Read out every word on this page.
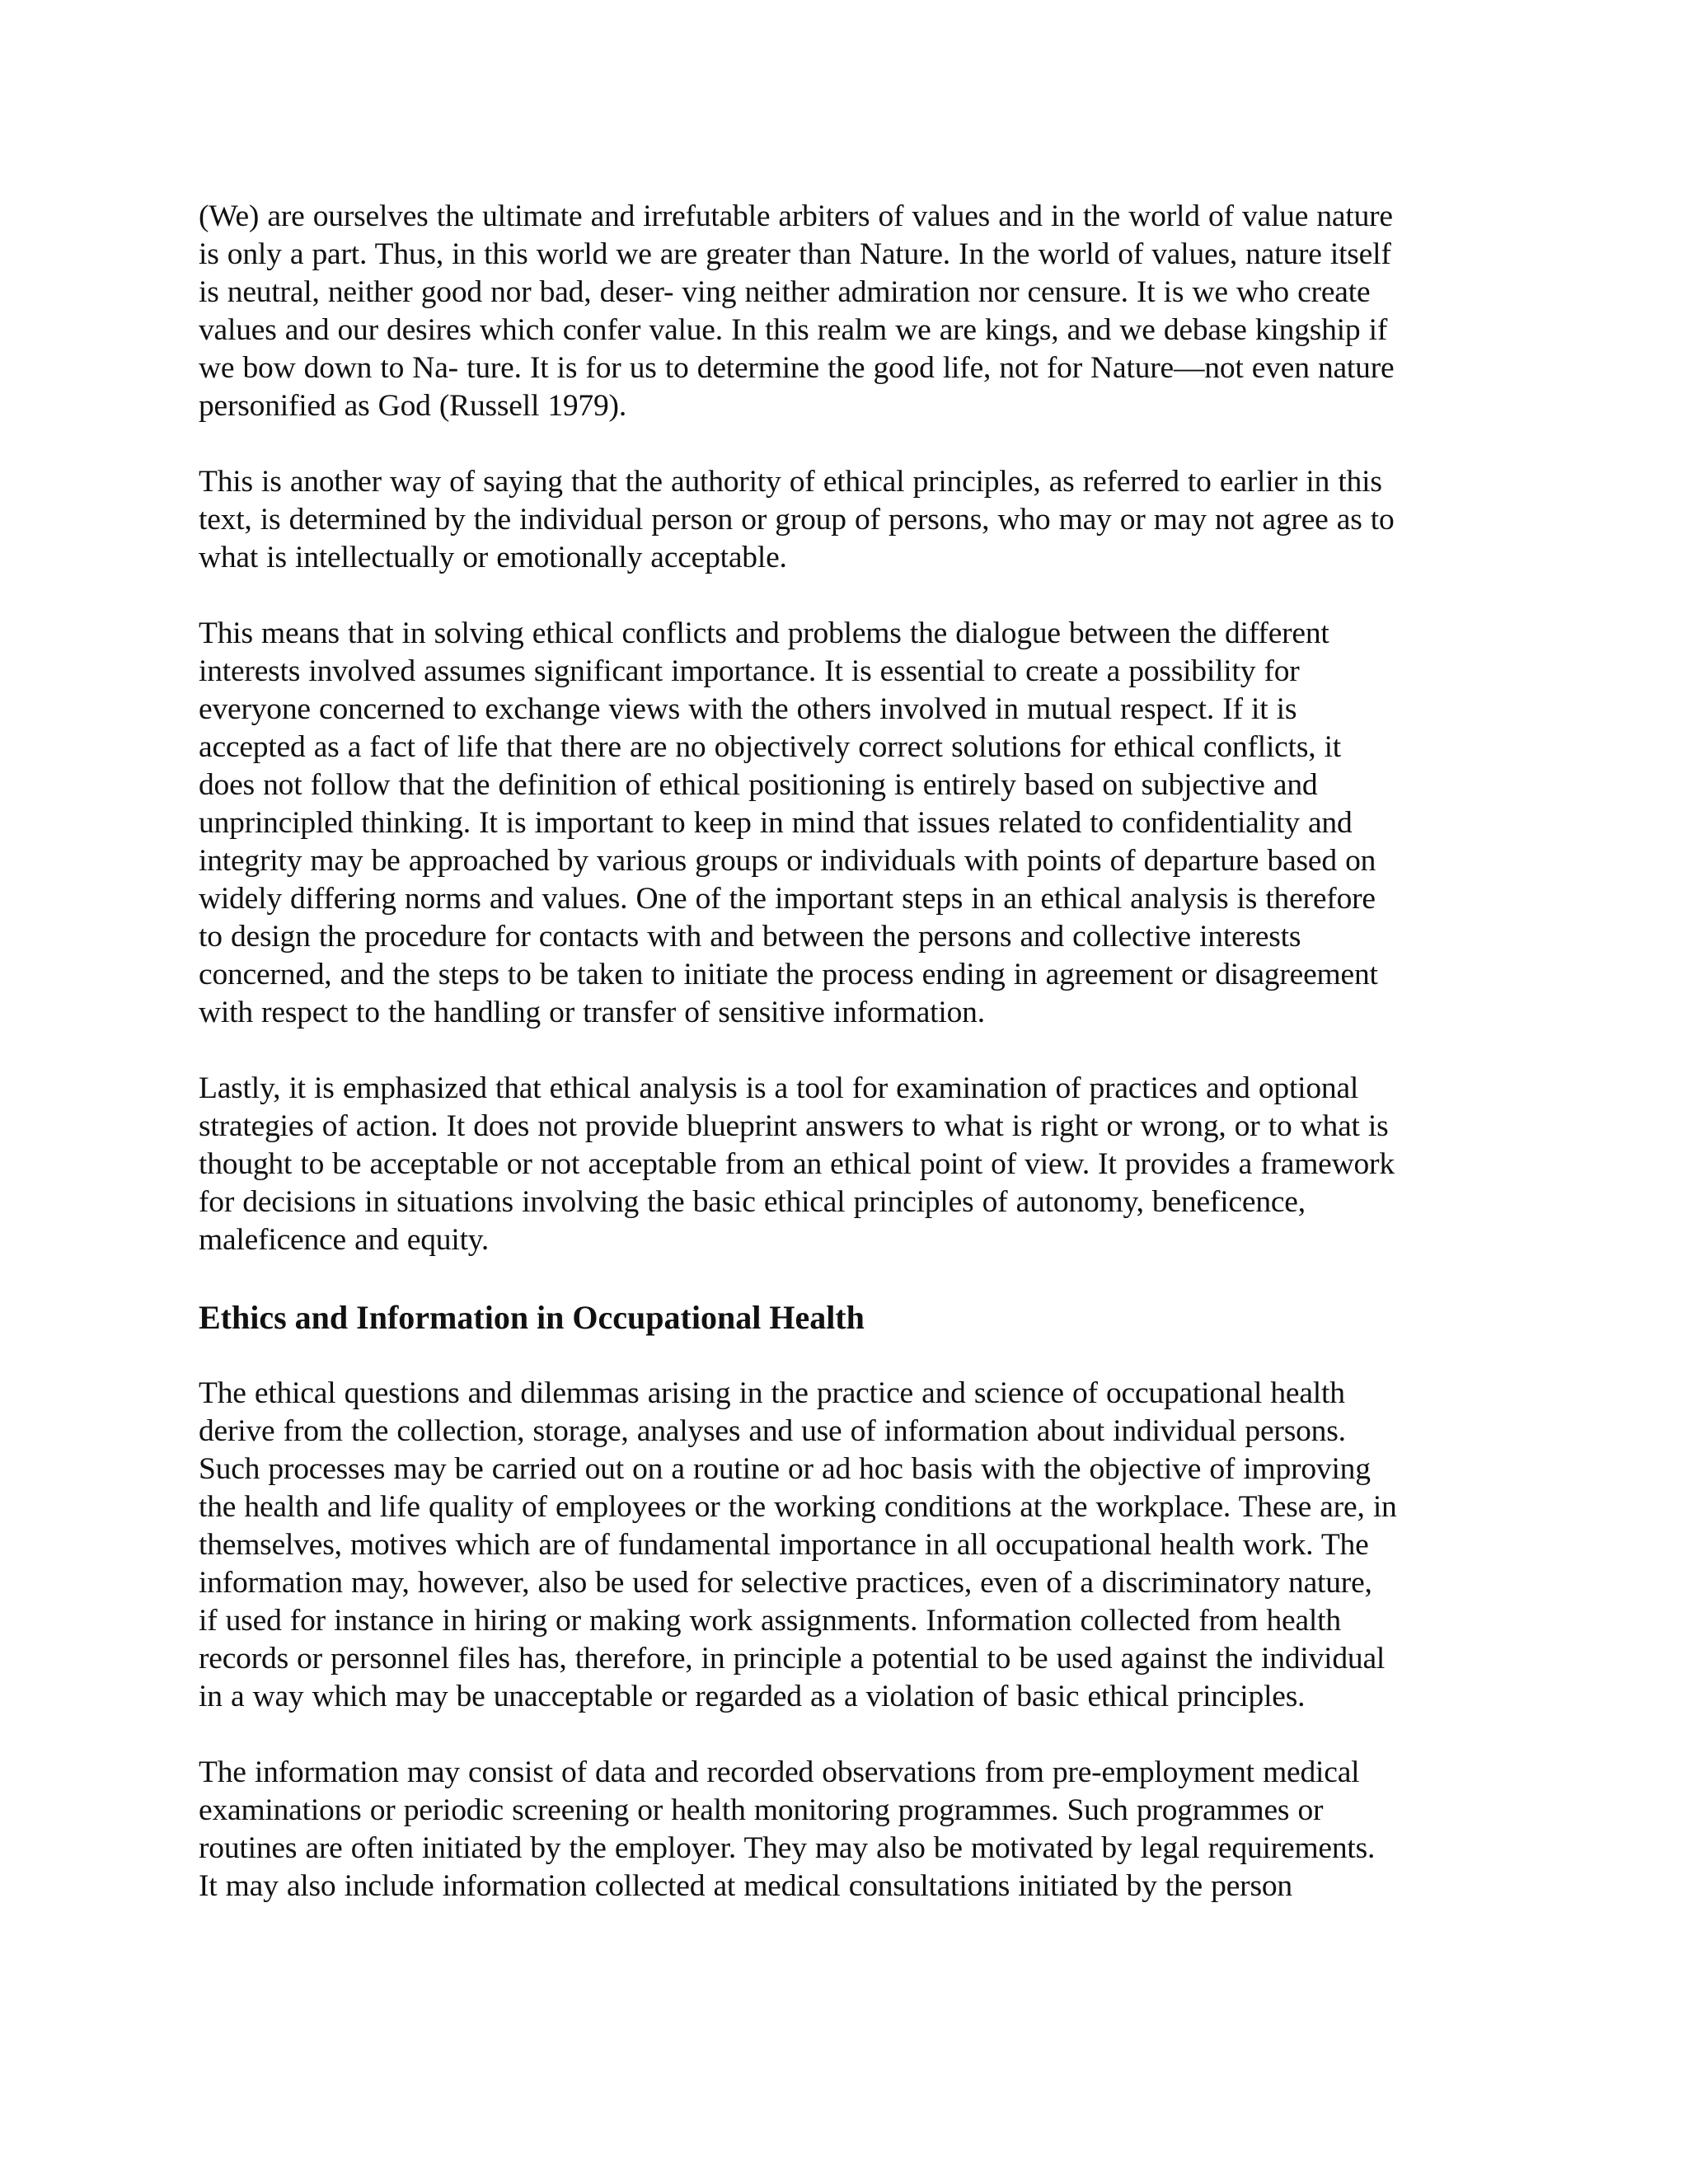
(We) are ourselves the ultimate and irrefutable arbiters of values and in the world of value nature
is only a part. Thus, in this world we are greater than Nature. In the world of values, nature itself
is neutral, neither good nor bad, deser- ving neither admiration nor censure. It is we who create
values and our desires which confer value. In this realm we are kings, and we debase kingship if
we bow down to Na- ture. It is for us to determine the good life, not for Nature—not even nature
personified as God (Russell 1979).
This is another way of saying that the authority of ethical principles, as referred to earlier in this
text, is determined by the individual person or group of persons, who may or may not agree as to
what is intellectually or emotionally acceptable.
This means that in solving ethical conflicts and problems the dialogue between the different
interests involved assumes significant importance. It is essential to create a possibility for
everyone concerned to exchange views with the others involved in mutual respect. If it is
accepted as a fact of life that there are no objectively correct solutions for ethical conflicts, it
does not follow that the definition of ethical positioning is entirely based on subjective and
unprincipled thinking. It is important to keep in mind that issues related to confidentiality and
integrity may be approached by various groups or individuals with points of departure based on
widely differing norms and values. One of the important steps in an ethical analysis is therefore
to design the procedure for contacts with and between the persons and collective interests
concerned, and the steps to be taken to initiate the process ending in agreement or disagreement
with respect to the handling or transfer of sensitive information.
Lastly, it is emphasized that ethical analysis is a tool for examination of practices and optional
strategies of action. It does not provide blueprint answers to what is right or wrong, or to what is
thought to be acceptable or not acceptable from an ethical point of view. It provides a framework
for decisions in situations involving the basic ethical principles of autonomy, beneficence,
maleficence and equity.
Ethics and Information in Occupational Health
The ethical questions and dilemmas arising in the practice and science of occupational health
derive from the collection, storage, analyses and use of information about individual persons.
Such processes may be carried out on a routine or ad hoc basis with the objective of improving
the health and life quality of employees or the working conditions at the workplace. These are, in
themselves, motives which are of fundamental importance in all occupational health work. The
information may, however, also be used for selective practices, even of a discriminatory nature,
if used for instance in hiring or making work assignments. Information collected from health
records or personnel files has, therefore, in principle a potential to be used against the individual
in a way which may be unacceptable or regarded as a violation of basic ethical principles.
The information may consist of data and recorded observations from pre-employment medical
examinations or periodic screening or health monitoring programmes. Such programmes or
routines are often initiated by the employer. They may also be motivated by legal requirements.
It may also include information collected at medical consultations initiated by the person
